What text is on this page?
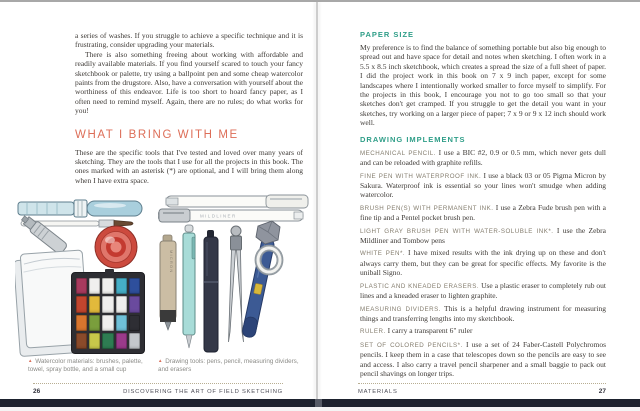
a series of washes. If you struggle to achieve a specific technique and it is frustrating, consider upgrading your materials.

There is also something freeing about working with affordable and readily available materials. If you find yourself scared to touch your fancy sketchbook or palette, try using a ballpoint pen and some cheap watercolor paints from the drugstore. Also, have a conversation with yourself about the worthiness of this endeavor. Life is too short to hoard fancy paper, as I often need to remind myself. Again, there are no rules; do what works for you!

WHAT I BRING WITH ME

These are the specific tools that I've tested and loved over many years of sketching. They are the tools that I use for all the projects in this book. The ones marked with an asterisk (*) are optional, and I will bring them along when I have extra space.

MILDLINER
MICRON
▲ Watercolor materials: brushes, palette, towel, spray bottle, and a small cup
▲ Drawing tools: pens, pencil, measuring dividers, and erasers
26	DISCOVERING THE ART OF FIELD SKETCHING
PAPER SIZE

My preference is to find the balance of something portable but also big enough to spread out and have space for detail and notes when sketching. I often work in a 5.5 x 8.5 inch sketchbook, which creates a spread the size of a full sheet of paper. I did the project work in this book on 7 x 9 inch paper, except for some landscapes where I intentionally worked smaller to force myself to simplify. For the projects in this book, I encourage you not to go too small so that your sketches don't get cramped. If you struggle to get the detail you want in your sketches, try working on a larger piece of paper; 7 x 9 or 9 x 12 inch should work well.

DRAWING IMPLEMENTS

MECHANICAL PENCIL. I use a BIC #2, 0.9 or 0.5 mm, which never gets dull and can be reloaded with graphite refills.

FINE PEN WITH WATERPROOF INK. I use a black 03 or 05 Pigma Micron by Sakura. Waterproof ink is essential so your lines won't smudge when adding watercolor.

BRUSH PEN(S) WITH PERMANENT INK. I use a Zebra Fude brush pen with a fine tip and a Pentel pocket brush pen.

LIGHT GRAY BRUSH PEN WITH WATER-SOLUBLE INK*. I use the Zebra Mildliner and Tombow pens

WHITE PEN*. I have mixed results with the ink drying up on these and don't always carry them, but they can be great for specific effects. My favorite is the uniball Signo.

PLASTIC AND KNEADED ERASERS. Use a plastic eraser to completely rub out lines and a kneaded eraser to lighten graphite.

MEASURING DIVIDERS. This is a helpful drawing instrument for measuring things and transferring lengths into my sketchbook.

RULER. I carry a transparent 6" ruler

SET OF COLORED PENCILS*. I use a set of 24 Faber-Castell Polychromos pencils. I keep them in a case that telescopes down so the pencils are easy to see and access. I also carry a travel pencil sharpener and a small baggie to pack out pencil shavings on longer trips.

MATERIALS	27
